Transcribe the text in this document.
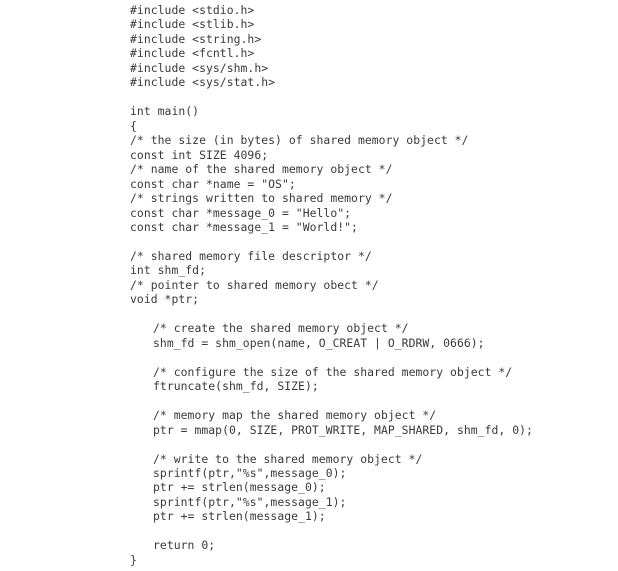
#include <stdio.h>
#include <stlib.h>
#include <string.h>
#include <fcntl.h>
#include <sys/shm.h>
#include <sys/stat.h>
int main()
{
/* the size (in bytes) of shared memory object */
const int SIZE 4096;
/* name of the shared memory object */
const char *name = "OS";
/* strings written to shared memory */
const char *message_0 = "Hello";
const char *message_1 = "World!";
/* shared memory file descriptor */
int shm_fd;
/* pointer to shared memory obect */
void *ptr;
/* create the shared memory object */
shm_fd = shm_open(name, O_CREAT | O_RDRW, 0666);
/* configure the size of the shared memory object */
ftruncate(shm_fd, SIZE);
/* memory map the shared memory object */
ptr = mmap(0, SIZE, PROT_WRITE, MAP_SHARED, shm_fd, 0);
/* write to the shared memory object */
sprintf(ptr,"%s",message_0);
ptr += strlen(message_0);
sprintf(ptr,"%s",message_1);
ptr += strlen(message_1);
return 0;
}
